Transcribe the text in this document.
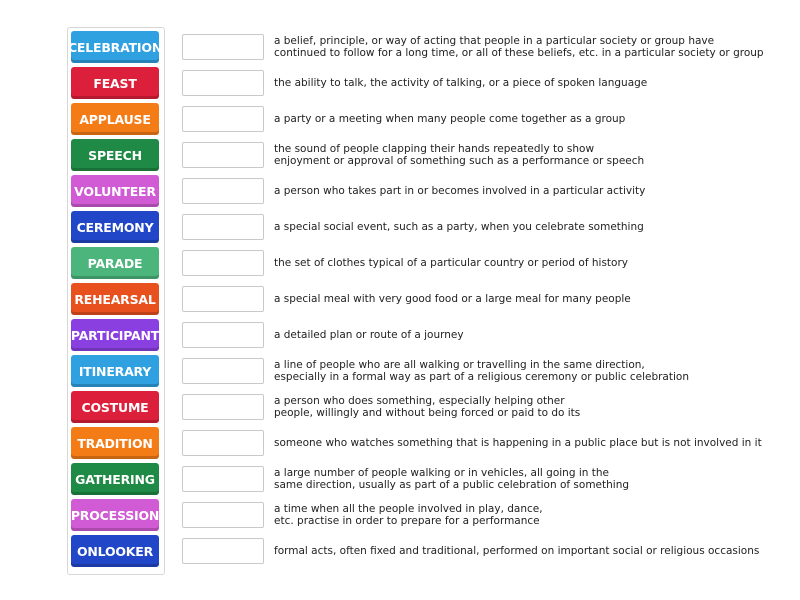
CELEBRATION	a belief, principle, or way of acting that people in a particular society or group have
continued to follow for a long time, or all of these beliefs, etc. in a particular society or group
FEAST	the ability to talk, the activity of talking, or a piece of spoken language
APPLAUSE	a party or a meeting when many people come together as a group
SPEECH	the sound of people clapping their hands repeatedly to show
enjoyment or approval of something such as a performance or speech
VOLUNTEER	a person who takes part in or becomes involved in a particular activity
CEREMONY	a special social event, such as a party, when you celebrate something
PARADE	the set of clothes typical of a particular country or period of history
REHEARSAL	a special meal with very good food or a large meal for many people
PARTICIPANT	a detailed plan or route of a journey
ITINERARY	a line of people who are all walking or travelling in the same direction,
especially in a formal way as part of a religious ceremony or public celebration
COSTUME	a person who does something, especially helping other
people, willingly and without being forced or paid to do its
TRADITION	someone who watches something that is happening in a public place but is not involved in it
GATHERING	a large number of people walking or in vehicles, all going in the
same direction, usually as part of a public celebration of something
PROCESSION	a time when all the people involved in play, dance,
etc. practise in order to prepare for a performance
ONLOOKER	formal acts, often fixed and traditional, performed on important social or religious occasions
